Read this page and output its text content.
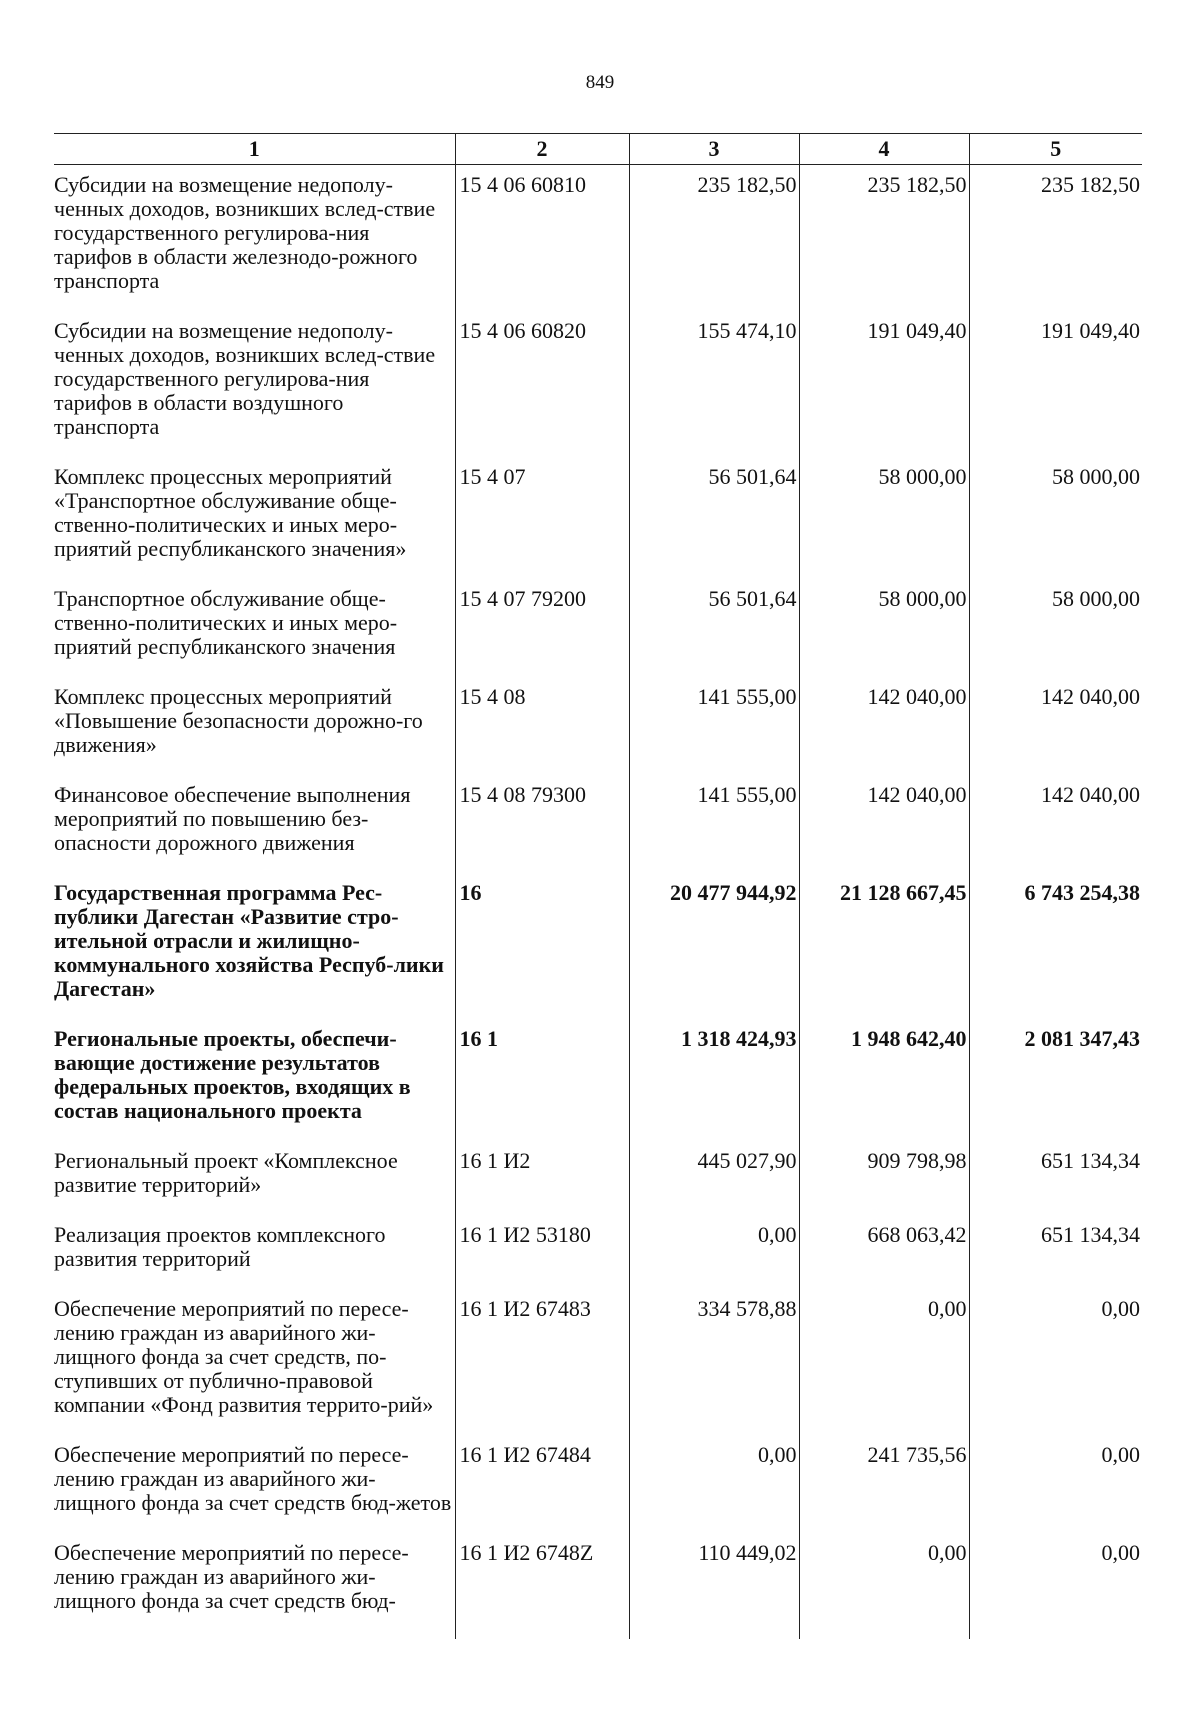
849
1	2	3	4	5
Субсидии на возмещение недополу-ченных доходов, возникших вслед-ствие государственного регулирова-ния тарифов в области железнодо-рожного транспорта	15 4 06 60810	235 182,50	235 182,50	235 182,50
Субсидии на возмещение недополу-ченных доходов, возникших вслед-ствие государственного регулирова-ния тарифов в области воздушного транспорта	15 4 06 60820	155 474,10	191 049,40	191 049,40
Комплекс процессных мероприятий «Транспортное обслуживание обще-ственно-политических и иных меро-приятий республиканского значения»	15 4 07	56 501,64	58 000,00	58 000,00
Транспортное обслуживание обще-ственно-политических и иных меро-приятий республиканского значения	15 4 07 79200	56 501,64	58 000,00	58 000,00
Комплекс процессных мероприятий «Повышение безопасности дорожно-го движения»	15 4 08	141 555,00	142 040,00	142 040,00
Финансовое обеспечение выполнения мероприятий по повышению без-опасности дорожного движения	15 4 08 79300	141 555,00	142 040,00	142 040,00
Государственная программа Рес-публики Дагестан «Развитие стро-ительной отрасли и жилищно-коммунального хозяйства Респуб-лики Дагестан»	16	20 477 944,92	21 128 667,45	6 743 254,38
Региональные проекты, обеспечи-вающие достижение результатов федеральных проектов, входящих в состав национального проекта	16 1	1 318 424,93	1 948 642,40	2 081 347,43
Региональный проект «Комплексное развитие территорий»	16 1 И2	445 027,90	909 798,98	651 134,34
Реализация проектов комплексного развития территорий	16 1 И2 53180	0,00	668 063,42	651 134,34
Обеспечение мероприятий по пересе-лению граждан из аварийного жи-лищного фонда за счет средств, по-ступивших от публично-правовой компании «Фонд развития террито-рий»	16 1 И2 67483	334 578,88	0,00	0,00
Обеспечение мероприятий по пересе-лению граждан из аварийного жи-лищного фонда за счет средств бюд-жетов	16 1 И2 67484	0,00	241 735,56	0,00
Обеспечение мероприятий по пересе-лению граждан из аварийного жи-лищного фонда за счет средств бюд-	16 1 И2 6748Z	110 449,02	0,00	0,00
